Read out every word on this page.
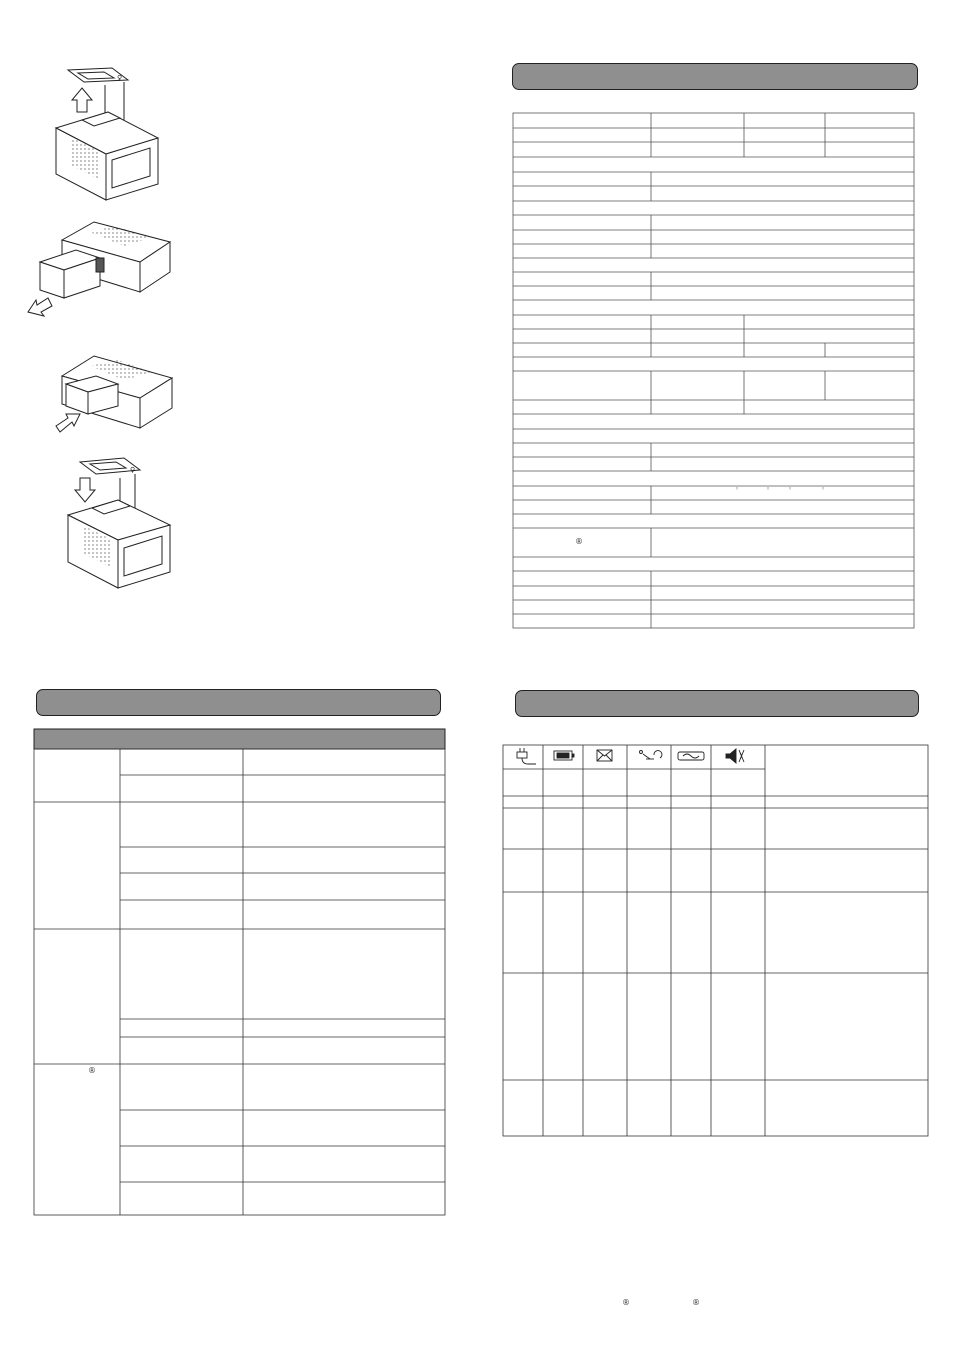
♀
♀
◦	◦	◦	◦
®
®
®	®
